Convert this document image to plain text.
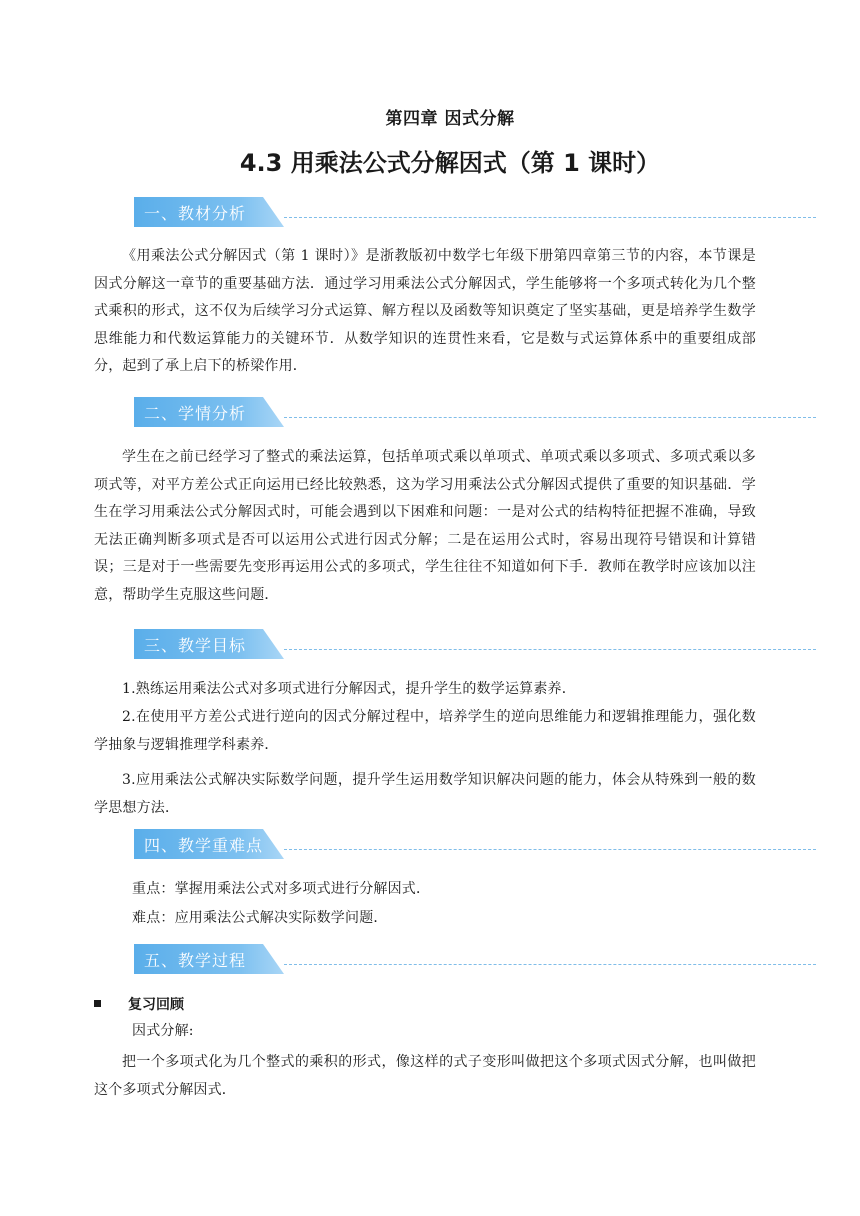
第四章 因式分解
4.3 用乘法公式分解因式（第 1 课时）
一、教材分析

《用乘法公式分解因式（第 1 课时）》是浙教版初中数学七年级下册第四章第三节的内容，本节课是因式分解这一章节的重要基础方法．通过学习用乘法公式分解因式，学生能够将一个多项式转化为几个整式乘积的形式，这不仅为后续学习分式运算、解方程以及函数等知识奠定了坚实基础，更是培养学生数学思维能力和代数运算能力的关键环节．从数学知识的连贯性来看，它是数与式运算体系中的重要组成部分，起到了承上启下的桥梁作用．

二、学情分析

学生在之前已经学习了整式的乘法运算，包括单项式乘以单项式、单项式乘以多项式、多项式乘以多项式等，对平方差公式正向运用已经比较熟悉，这为学习用乘法公式分解因式提供了重要的知识基础．学生在学习用乘法公式分解因式时，可能会遇到以下困难和问题：一是对公式的结构特征把握不准确，导致无法正确判断多项式是否可以运用公式进行因式分解；二是在运用公式时，容易出现符号错误和计算错误；三是对于一些需要先变形再运用公式的多项式，学生往往不知道如何下手．教师在教学时应该加以注意，帮助学生克服这些问题．

三、教学目标

1.熟练运用乘法公式对多项式进行分解因式，提升学生的数学运算素养．

2.在使用平方差公式进行逆向的因式分解过程中，培养学生的逆向思维能力和逻辑推理能力，强化数学抽象与逻辑推理学科素养．

3.应用乘法公式解决实际数学问题，提升学生运用数学知识解决问题的能力，体会从特殊到一般的数学思想方法．

四、教学重难点

重点：掌握用乘法公式对多项式进行分解因式．

难点：应用乘法公式解决实际数学问题．

五、教学过程
复习回顾

因式分解:

把一个多项式化为几个整式的乘积的形式，像这样的式子变形叫做把这个多项式因式分解，也叫做把这个多项式分解因式．
